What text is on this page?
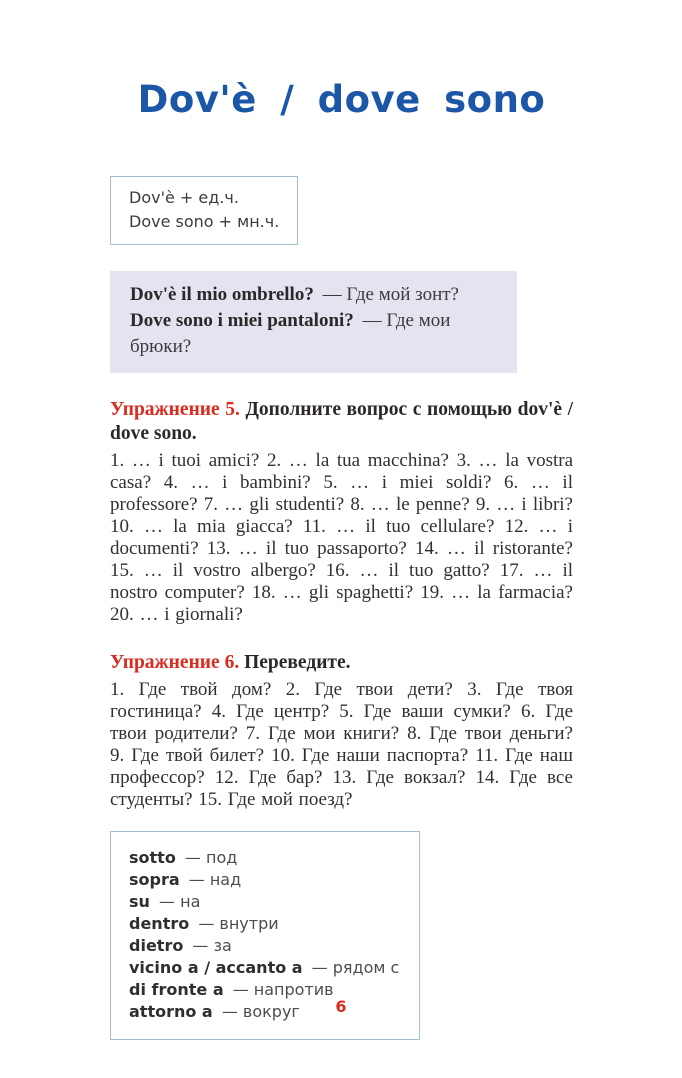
Dov'è / dove sono
Dov'è + ед.ч.
Dove sono + мн.ч.
Dov'è il mio ombrello? — Где мой зонт?
Dove sono i miei pantaloni? — Где мои брюки?
Упражнение 5. Дополните вопрос с помощью dov'è / dove sono.

1. … i tuoi amici? 2. … la tua macchina? 3. … la vostra casa? 4. … i bambini? 5. … i miei soldi? 6. … il professore? 7. … gli studenti? 8. … le penne? 9. … i libri? 10. … la mia giacca? 11. … il tuo cellulare? 12. … i documenti? 13. … il tuo passaporto? 14. … il ristorante? 15. … il vostro albergo? 16. … il tuo gatto? 17. … il nostro computer? 18. … gli spaghetti? 19. … la farmacia? 20. … i giornali?

Упражнение 6. Переведите.

1. Где твой дом? 2. Где твои дети? 3. Где твоя гостиница? 4. Где центр? 5. Где ваши сумки? 6. Где твои родители? 7. Где мои книги? 8. Где твои деньги? 9. Где твой билет? 10. Где наши паспорта? 11. Где наш профессор? 12. Где бар? 13. Где вокзал? 14. Где все студенты? 15. Где мой поезд?

sotto — под
sopra — над
su — на
dentro — внутри
dietro — за
vicino a / accanto a — рядом с
di fronte a — напротив
attorno a — вокруг	6
